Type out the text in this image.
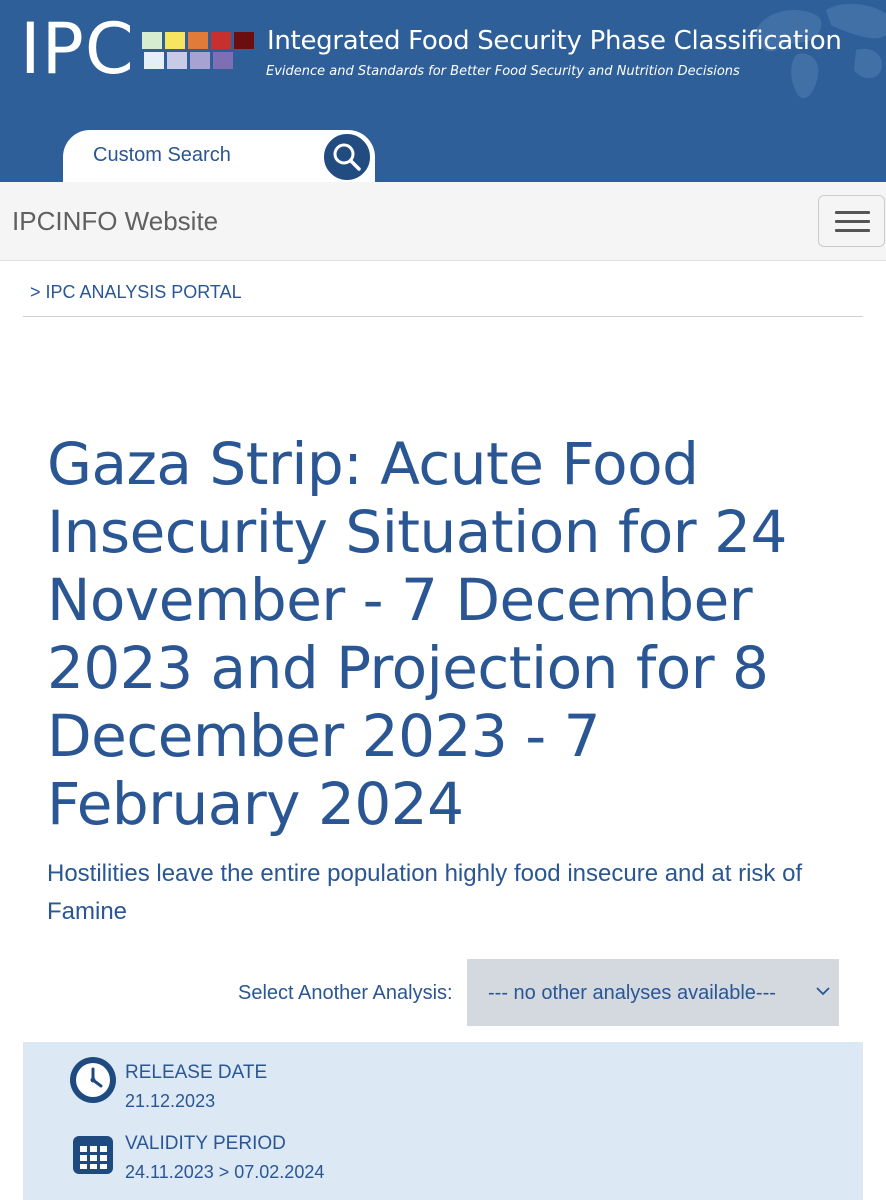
IPC	Integrated Food Security Phase Classification
Evidence and Standards for Better Food Security and Nutrition Decisions
Custom Search
IPCINFO Website
> IPC ANALYSIS PORTAL
Gaza Strip: Acute Food Insecurity Situation for 24 November - 7 December 2023 and Projection for 8 December 2023 - 7 February 2024
Hostilities leave the entire population highly food insecure and at risk of Famine
Select Another Analysis: --- no other analyses available---
RELEASE DATE
21.12.2023
VALIDITY PERIOD
24.11.2023 > 07.02.2024
